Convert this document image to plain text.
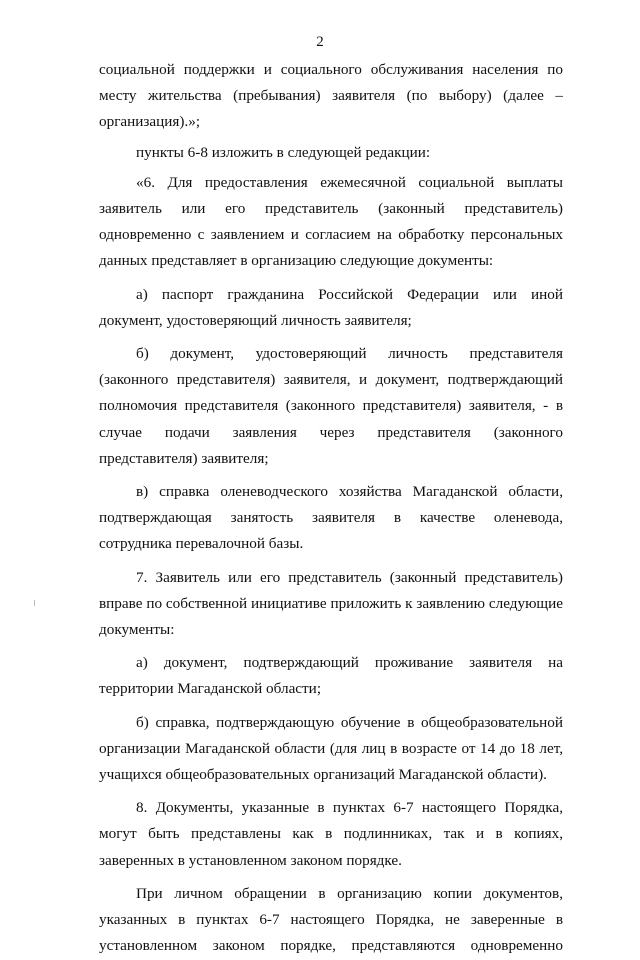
2

социальной поддержки и социального обслуживания населения по месту жительства (пребывания) заявителя (по выбору) (далее – организация).»;

пункты 6-8 изложить в следующей редакции:

«6. Для предоставления ежемесячной социальной выплаты заявитель или его представитель (законный представитель) одновременно с заявлением и согласием на обработку персональных данных представляет в организацию следующие документы:

а) паспорт гражданина Российской Федерации или иной документ, удостоверяющий личность заявителя;

б) документ, удостоверяющий личность представителя (законного представителя) заявителя, и документ, подтверждающий полномочия представителя (законного представителя) заявителя, - в случае подачи заявления через представителя (законного представителя) заявителя;

в) справка оленеводческого хозяйства Магаданской области, подтверждающая занятость заявителя в качестве оленевода, сотрудника перевалочной базы.

7. Заявитель или его представитель (законный представитель) вправе по собственной инициативе приложить к заявлению следующие документы:

а) документ, подтверждающий проживание заявителя на территории Магаданской области;

б) справка, подтверждающую обучение в общеобразовательной организации Магаданской области (для лиц в возрасте от 14 до 18 лет, учащихся общеобразовательных организаций Магаданской области).

8. Документы, указанные в пунктах 6-7 настоящего Порядка, могут быть представлены как в подлинниках, так и в копиях, заверенных в установленном законом порядке.

При личном обращении в организацию копии документов, указанных в пунктах 6-7 настоящего Порядка, не заверенные в установленном законом порядке, представляются одновременно
